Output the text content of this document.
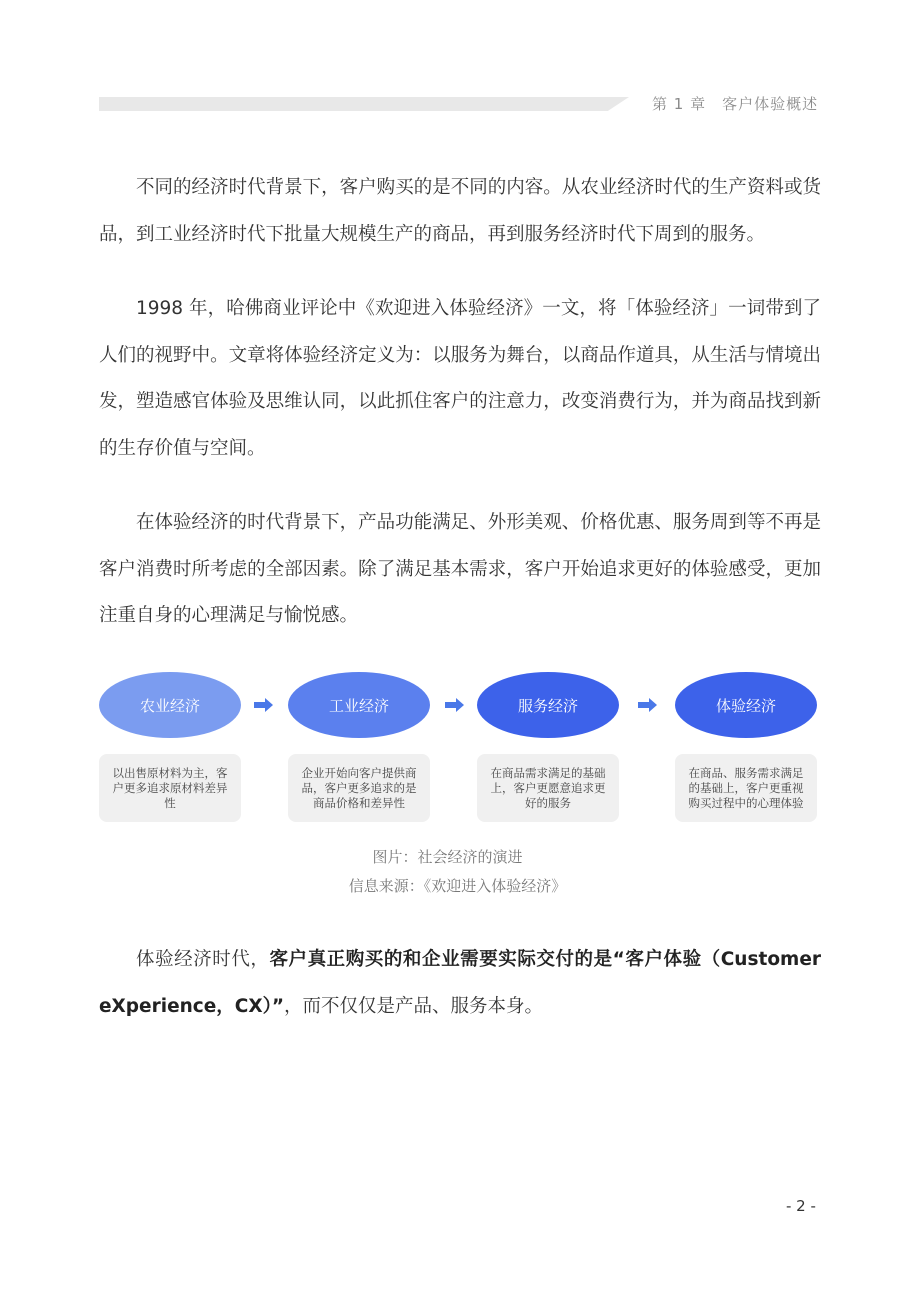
第 1 章　客户体验概述
不同的经济时代背景下，客户购买的是不同的内容。从农业经济时代的生产资料或货品，到工业经济时代下批量大规模生产的商品，再到服务经济时代下周到的服务。
1998 年，哈佛商业评论中《欢迎进入体验经济》一文，将「体验经济」一词带到了人们的视野中。文章将体验经济定义为：以服务为舞台，以商品作道具，从生活与情境出发，塑造感官体验及思维认同，以此抓住客户的注意力，改变消费行为，并为商品找到新的生存价值与空间。
在体验经济的时代背景下，产品功能满足、外形美观、价格优惠、服务周到等不再是客户消费时所考虑的全部因素。除了满足基本需求，客户开始追求更好的体验感受，更加注重自身的心理满足与愉悦感。
农业经济
以出售原材料为主，客户更多追求原材料差异性
工业经济
企业开始向客户提供商品，客户更多追求的是商品价格和差异性
服务经济
在商品需求满足的基础上，客户更愿意追求更好的服务
体验经济
在商品、服务需求满足的基础上，客户更重视购买过程中的心理体验
图片：社会经济的演进
信息来源：《欢迎进入体验经济》
体验经济时代，客户真正购买的和企业需要实际交付的是“客户体验（Customer eXperience，CX）”，而不仅仅是产品、服务本身。
- 2 -
